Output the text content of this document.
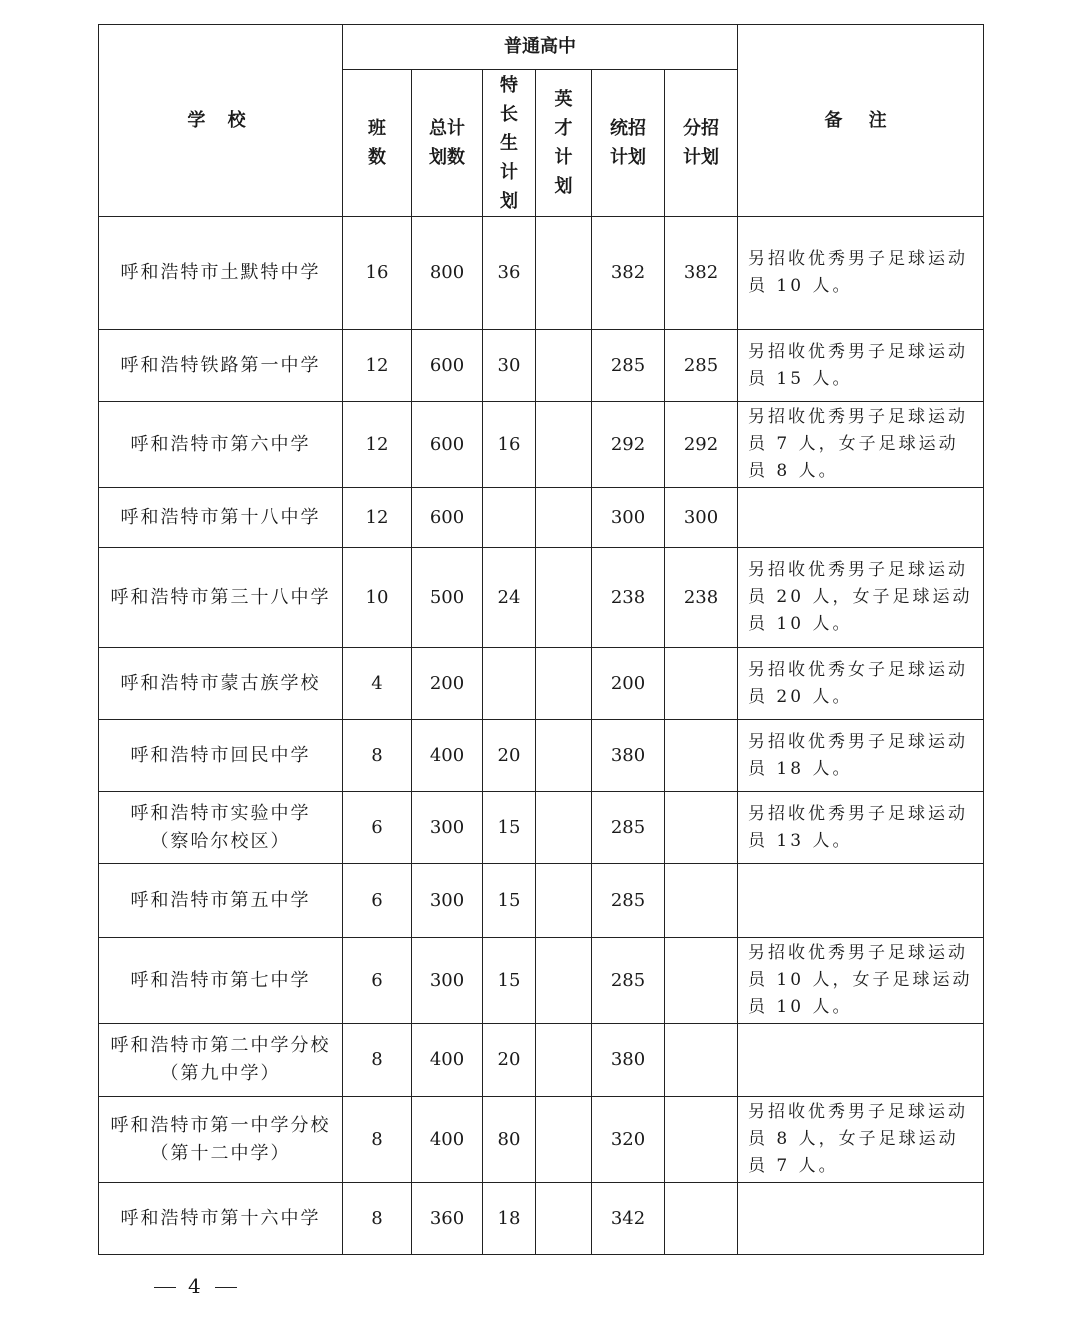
学 校	普通高中						备 注
	班数	总计划数	特长生计划	英才计划	统招计划	分招计划	
呼和浩特市土默特中学	16	800	36		382	382	另招收优秀男子足球运动员 10 人。
呼和浩特铁路第一中学	12	600	30		285	285	另招收优秀男子足球运动员 15 人。
呼和浩特市第六中学	12	600	16		292	292	另招收优秀男子足球运动员 7 人，女子足球运动员 8 人。
呼和浩特市第十八中学	12	600			300	300	
呼和浩特市第三十八中学	10	500	24		238	238	另招收优秀男子足球运动员 20 人，女子足球运动员 10 人。
呼和浩特市蒙古族学校	4	200			200		另招收优秀女子足球运动员 20 人。
呼和浩特市回民中学	8	400	20		380		另招收优秀男子足球运动员 18 人。
呼和浩特市实验中学
（察哈尔校区）	6	300	15		285		另招收优秀男子足球运动员 13 人。
呼和浩特市第五中学	6	300	15		285		
呼和浩特市第七中学	6	300	15		285		另招收优秀男子足球运动员 10 人，女子足球运动员 10 人。
呼和浩特市第二中学分校
（第九中学）	8	400	20		380		
呼和浩特市第一中学分校
（第十二中学）	8	400	80		320		另招收优秀男子足球运动员 8 人，女子足球运动员 7 人。
呼和浩特市第十六中学	8	360	18		342		
4
